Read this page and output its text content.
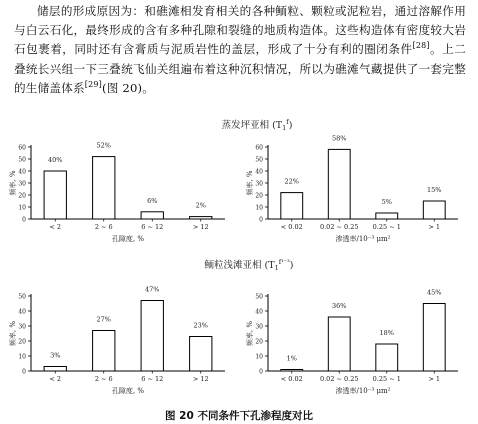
储层的形成原因为：和礁滩相发育相关的各种鲕粒、颗粒或泥粒岩，通过溶解作用与白云石化，最终形成的含有多种孔隙和裂缝的地质构造体。这些构造体有密度较大岩石包裹着，同时还有含膏质与泥质岩性的盖层，形成了十分有利的圈闭条件[28]。上二叠统长兴组一下三叠统飞仙关组遍布着这种沉积情况，所以为礁滩气藏提供了一套完整的生储盖体系[29](图 20)。
蒸发坪亚相 $(T_1^f)$
鲕粒浅滩亚相 $(T_1^{f^{1-3}})$
0
10
20
30
40
50
60
频率, %
40%
< 2
52%
2 ~ 6
6%
6 ~ 12
2%
> 12
孔隙度, %
0
10
20
30
40
50
60
频率, %	22%
< 0.02
58%
0.02 ~ 0.25
5%
0.25 ~ 1
15%
> 1
渗透率/10⁻³ μm²
0
10
20
30
40
50
频率, %
3%
< 2
27%
2 ~ 6
47%
6 ~ 12
23%
> 12
孔隙度, %
0
10
20
30
40
50
频率, %
1%
< 0.02
36%
0.02 ~ 0.25
18%
0.25 ~ 1
45%
> 1
渗透率/10⁻³ μm²
图 20 不同条件下孔渗程度对比
